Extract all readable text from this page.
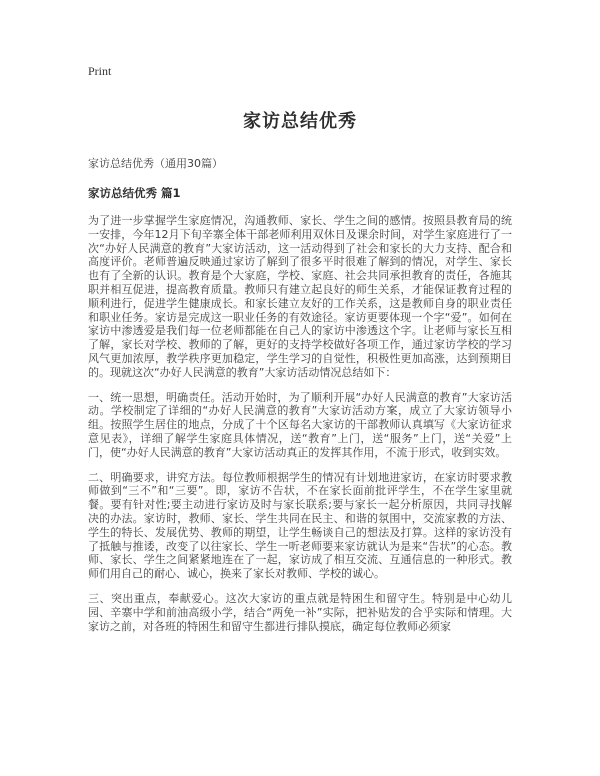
Print
家访总结优秀
家访总结优秀（通用30篇）
家访总结优秀 篇1

为了进一步掌握学生家庭情况，沟通教师、家长、学生之间的感情。按照县教育局的统一安排，今年12月下旬辛寨全体干部老师利用双休日及课余时间，对学生家庭进行了一次“办好人民满意的教育”大家访活动，这一活动得到了社会和家长的大力支持、配合和高度评价。老师普遍反映通过家访了解到了很多平时很难了解到的情况，对学生、家长也有了全新的认识。教育是个大家庭，学校、家庭、社会共同承担教育的责任，各施其职并相互促进，提高教育质量。教师只有建立起良好的师生关系，才能保证教育过程的顺利进行，促进学生健康成长。和家长建立友好的工作关系，这是教师自身的职业责任和职业任务。家访是完成这一职业任务的有效途径。家访更要体现一个字“爱”。如何在家访中渗透爱是我们每一位老师都能在自己人的家访中渗透这个字。让老师与家长互相了解，家长对学校、教师的了解，更好的支持学校做好各项工作，通过家访学校的学习风气更加浓厚，教学秩序更加稳定，学生学习的自觉性，积极性更加高涨，达到预期目的。现就这次“办好人民满意的教育”大家访活动情况总结如下：

一、统一思想，明确责任。活动开始时，为了顺利开展“办好人民满意的教育”大家访活动。学校制定了详细的“办好人民满意的教育”大家访活动方案，成立了大家访领导小组。按照学生居住的地点，分成了十个区每名大家访的干部教师认真填写《大家访征求意见表》，详细了解学生家庭具体情况，送“教育”上门，送“服务”上门，送“关爱”上门，使“办好人民满意的教育”大家访活动真正的发挥其作用，不流于形式，收到实效。

二、明确要求，讲究方法。每位教师根据学生的情况有计划地进家访，在家访时要求教师做到“三不”和“三要”。即，家访不告状，不在家长面前批评学生，不在学生家里就餐。要有针对性;要主动进行家访及时与家长联系;要与家长一起分析原因，共同寻找解决的办法。家访时，教师、家长、学生共同在民主、和谐的氛围中，交流家教的方法、学生的特长、发展优势、教师的期望，让学生畅谈自己的想法及打算。这样的家访没有了抵触与推诿，改变了以往家长、学生一听老师要来家访就认为是来“告状”的心态。教师、家长、学生之间紧紧地连在了一起，家访成了相互交流、互通信息的一种形式。教师们用自己的耐心、诚心，换来了家长对教师、学校的诚心。

三、突出重点，奉献爱心。这次大家访的重点就是特困生和留守生。特别是中心幼儿园、辛寨中学和前油高级小学，结合“两免一补”实际，把补贴发的合乎实际和情理。大家访之前，对各班的特困生和留守生都进行排队摸底，确定每位教师必须家
